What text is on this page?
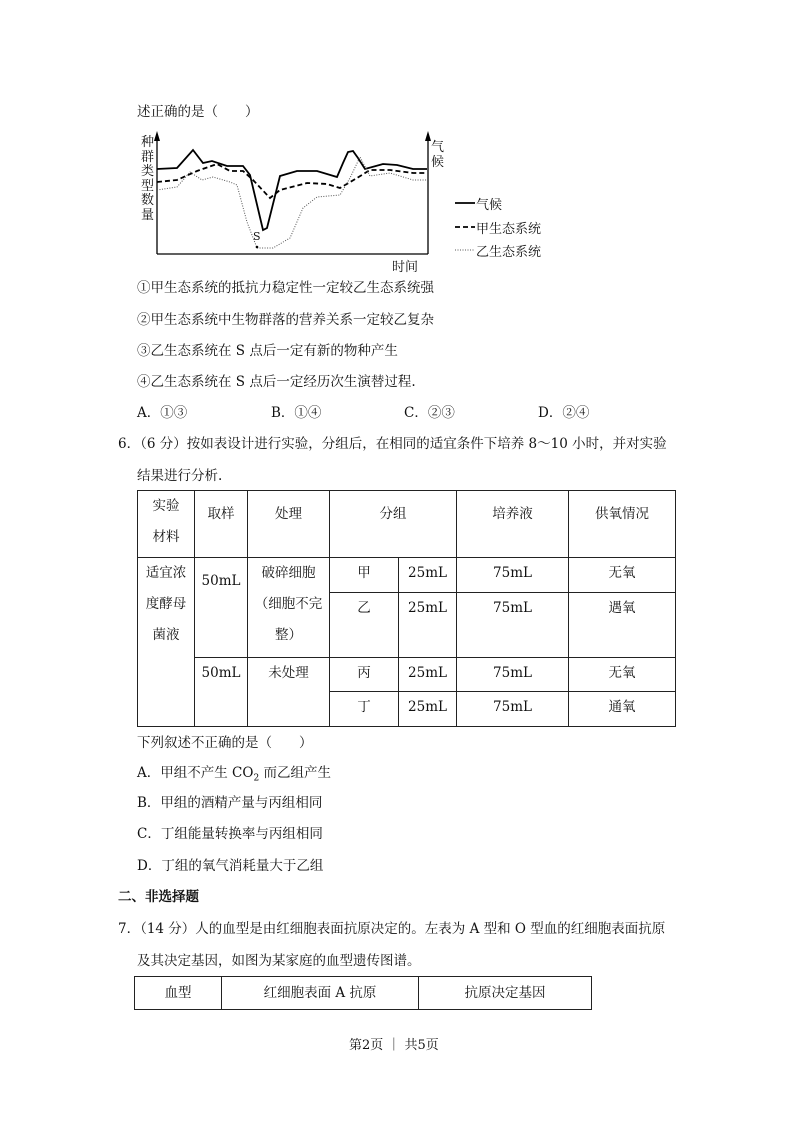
述正确的是（　　）
种群类型数量
气候
时间
S
气候
甲生态系统
乙生态系统
①甲生态系统的抵抗力稳定性一定较乙生态系统强
②甲生态系统中生物群落的营养关系一定较乙复杂
③乙生态系统在 S 点后一定有新的物种产生
④乙生态系统在 S 点后一定经历次生演替过程.
A．①③	B．①④	C．②③	D．②④
6．（6 分）按如表设计进行实验，分组后，在相同的适宜条件下培养 8～10 小时，并对实验
结果进行分析.
实验材料	取样	处理	分组		培养液	供氧情况
适宜浓度酵母菌液	50mL	破碎细胞（细胞不完整）	甲	25mL	75mL	无氧
			乙	25mL	75mL	遇氧
	50mL	未处理	丙	25mL	75mL	无氧
			丁	25mL	75mL	通氧
下列叙述不正确的是（　　）
A．甲组不产生 $CO_2$ 而乙组产生
B．甲组的酒精产量与丙组相同
C．丁组能量转换率与丙组相同
D．丁组的氧气消耗量大于乙组
二、非选择题
7．（14 分）人的血型是由红细胞表面抗原决定的。左表为 A 型和 O 型血的红细胞表面抗原
及其决定基因，如图为某家庭的血型遗传图谱。
血型	红细胞表面 A 抗原	抗原决定基因
第2页 ｜ 共5页
